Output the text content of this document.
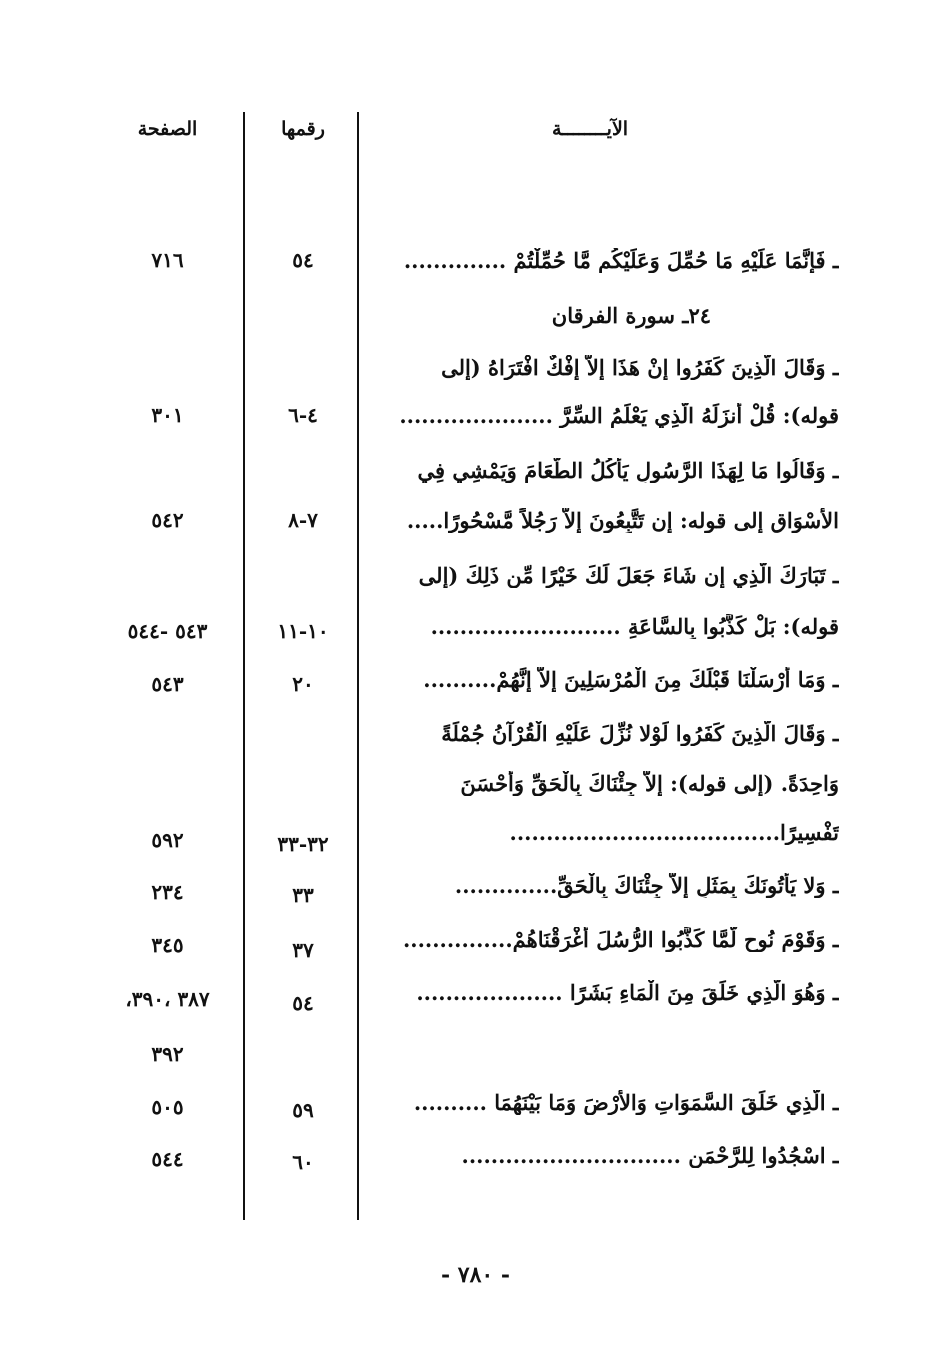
الآيــــــــة
رقمها
الصفحة
٢٤ـ سورة الفرقان
ـ فَإِنَّمَا عَلَيْهِ مَا حُمِّلَ وَعَلَيْكُم مَّا حُمِّلْتُمْ ..............
ـ وَقَالَ الَّذِينَ كَفَرُوا إِنْ هَذَا إِلاَّ إِفْكٌ افْتَرَاهُ (إلى
قوله): قُلْ أَنزَلَهُ الَّذِي يَعْلَمُ السِّرَّ .....................
ـ وَقَالُوا مَا لِهَذَا الرَّسُولِ يَأْكُلُ الطَّعَامَ وَيَمْشِي فِي
الأَسْوَاقِ إلى قوله: إِن تَتَّبِعُونَ إِلاَّ رَجُلاً مَّسْحُورًا.....
ـ تَبَارَكَ الَّذِي إِن شَاءَ جَعَلَ لَكَ خَيْرًا مِّن ذَلِكَ (إلى
قوله): بَلْ كَذَّبُوا بِالسَّاعَةِ ..........................
ـ وَمَا أَرْسَلْنَا قَبْلَكَ مِنَ الْمُرْسَلِينَ إِلاَّ إِنَّهُمْ..........
ـ وَقَالَ الَّذِينَ كَفَرُوا لَوْلا نُزِّلَ عَلَيْهِ الْقُرْآنُ جُمْلَةً
وَاحِدَةً. (إلى قوله): إِلاَّ جِئْنَاكَ بِالْحَقِّ وَأَحْسَنَ
تَفْسِيرًا.....................................
ـ وَلا يَأْتُونَكَ بِمَثَلٍ إِلاَّ جِئْنَاكَ بِالْحَقِّ..............
ـ وَقَوْمَ نُوحٍ لَّمَّا كَذَّبُوا الرُّسُلَ أَغْرَقْنَاهُمْ...............
ـ وَهُوَ الَّذِي خَلَقَ مِنَ الْمَاءِ بَشَرًا ....................
ـ الَّذِي خَلَقَ السَّمَوَاتِ وَالأَرْضَ وَمَا بَيْنَهُمَا ..........
ـ اسْجُدُوا لِلرَّحْمَنِ ..............................
٥٤
٧١٦
٤-٦
٣٠١
٧-٨
٥٤٢
١٠-١١
٥٤٣ -٥٤٤
٢٠
٥٤٣
٣٢-٣٣
٥٩٢
٣٣
٢٣٤
٣٧
٣٤٥
٥٤
٣٨٧ ،٣٩٠،
٣٩٢
٥٩
٥٠٥
٦٠
٥٤٤
- ٧٨٠ -
